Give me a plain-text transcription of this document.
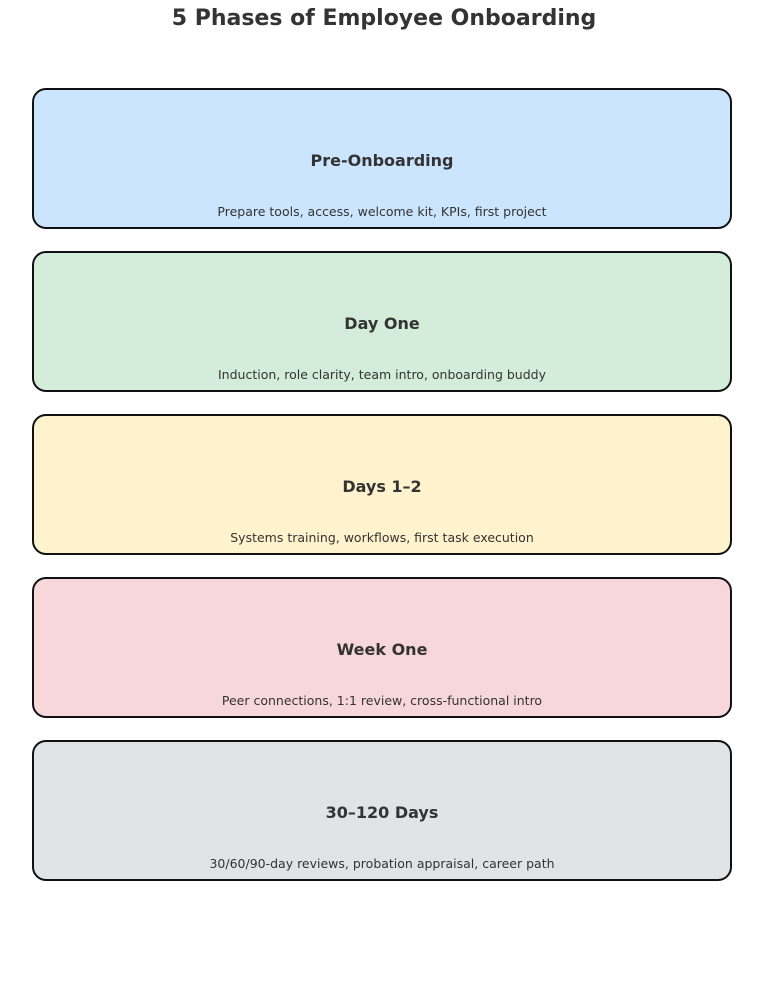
5 Phases of Employee Onboarding
Pre-Onboarding
Prepare tools, access, welcome kit, KPIs, first project
Day One
Induction, role clarity, team intro, onboarding buddy
Days 1–2
Systems training, workflows, first task execution
Week One
Peer connections, 1:1 review, cross-functional intro
30–120 Days
30/60/90-day reviews, probation appraisal, career path
